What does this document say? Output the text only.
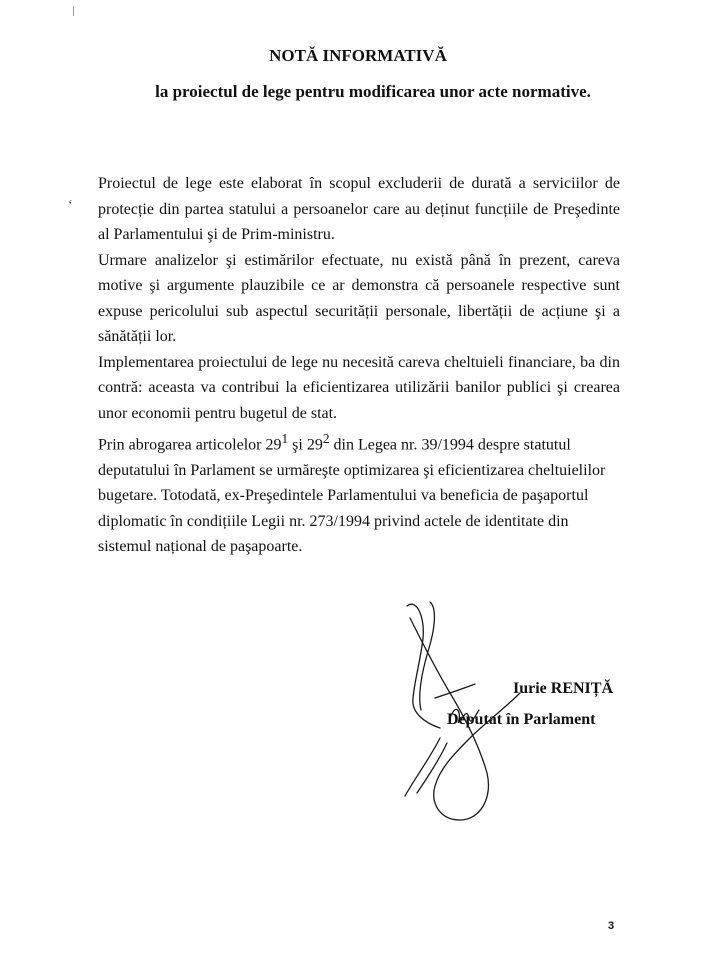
NOTĂ INFORMATIVĂ
la proiectul de lege pentru modificarea unor acte normative.
‘

Proiectul de lege este elaborat în scopul excluderii de durată a serviciilor de protecție din partea statului a persoanelor care au deținut funcțiile de Preşedinte al Parlamentului şi de Prim-ministru.

Urmare analizelor şi estimărilor efectuate, nu există până în prezent, careva motive şi argumente plauzibile ce ar demonstra că persoanele respective sunt expuse pericolului sub aspectul securității personale, libertății de acțiune şi a sănătății lor.

Implementarea proiectului de lege nu necesită careva cheltuieli financiare, ba din contră: aceasta va contribui la eficientizarea utilizării banilor publici şi crearea unor economii pentru bugetul de stat.

Prin abrogarea articolelor $29^1$ şi $29^2$ din Legea nr. 39/1994 despre statutul deputatului în Parlament se urmăreşte optimizarea şi eficientizarea cheltuielilor bugetare. Totodată, ex-Preşedintele Parlamentului va beneficia de paşaportul diplomatic în condițiile Legii nr. 273/1994 privind actele de identitate din sistemul național de paşapoarte.

Iurie RENIȚĂ
Deputat în Parlament
3
